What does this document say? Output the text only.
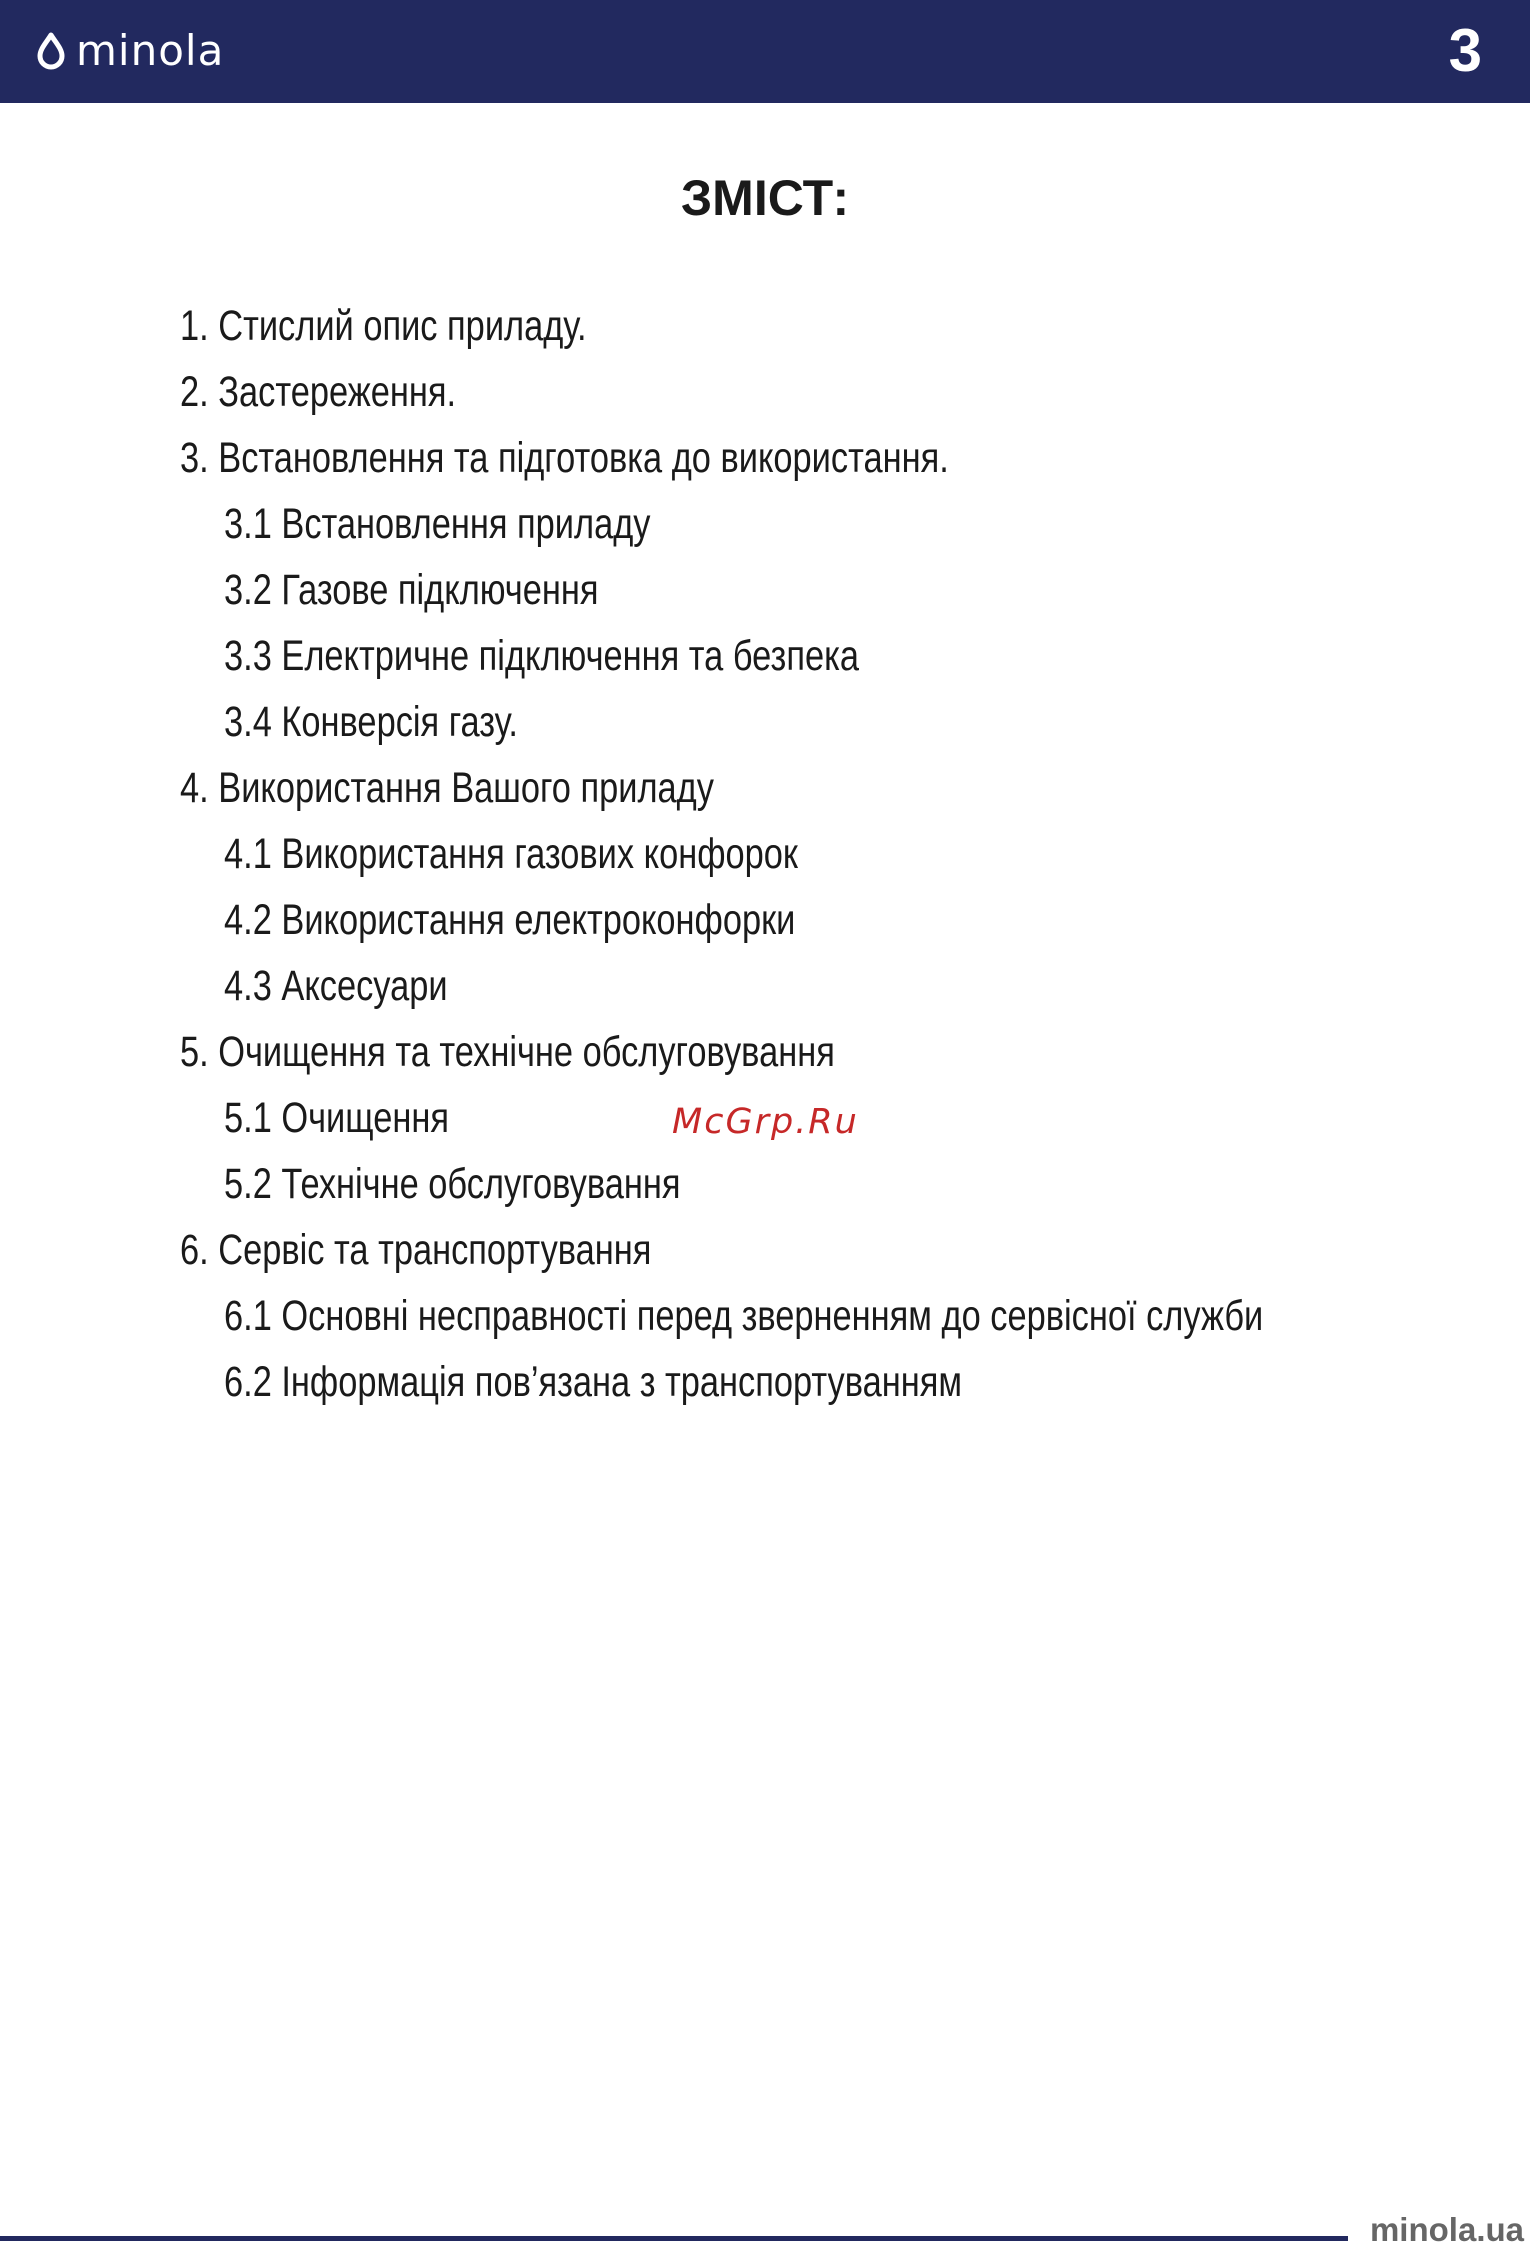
minola	3
ЗМІСТ:
1. Стислий опис приладу.
2. Застереження.
3. Встановлення та підготовка до використання.
3.1 Встановлення приладу
3.2 Газове підключення
3.3 Електричне підключення та безпека
3.4 Конверсія газу.
4. Використання Вашого приладу
4.1 Використання газових конфорок
4.2 Використання електроконфорки
4.3 Аксесуари
5. Очищення та технічне обслуговування
5.1 Очищення
5.2 Технічне обслуговування
6. Сервіс та транспортування
6.1 Основні несправності перед зверненням до сервісної служби
6.2 Інформація пов’язана з транспортуванням
McGrp.Ru
minola.ua
